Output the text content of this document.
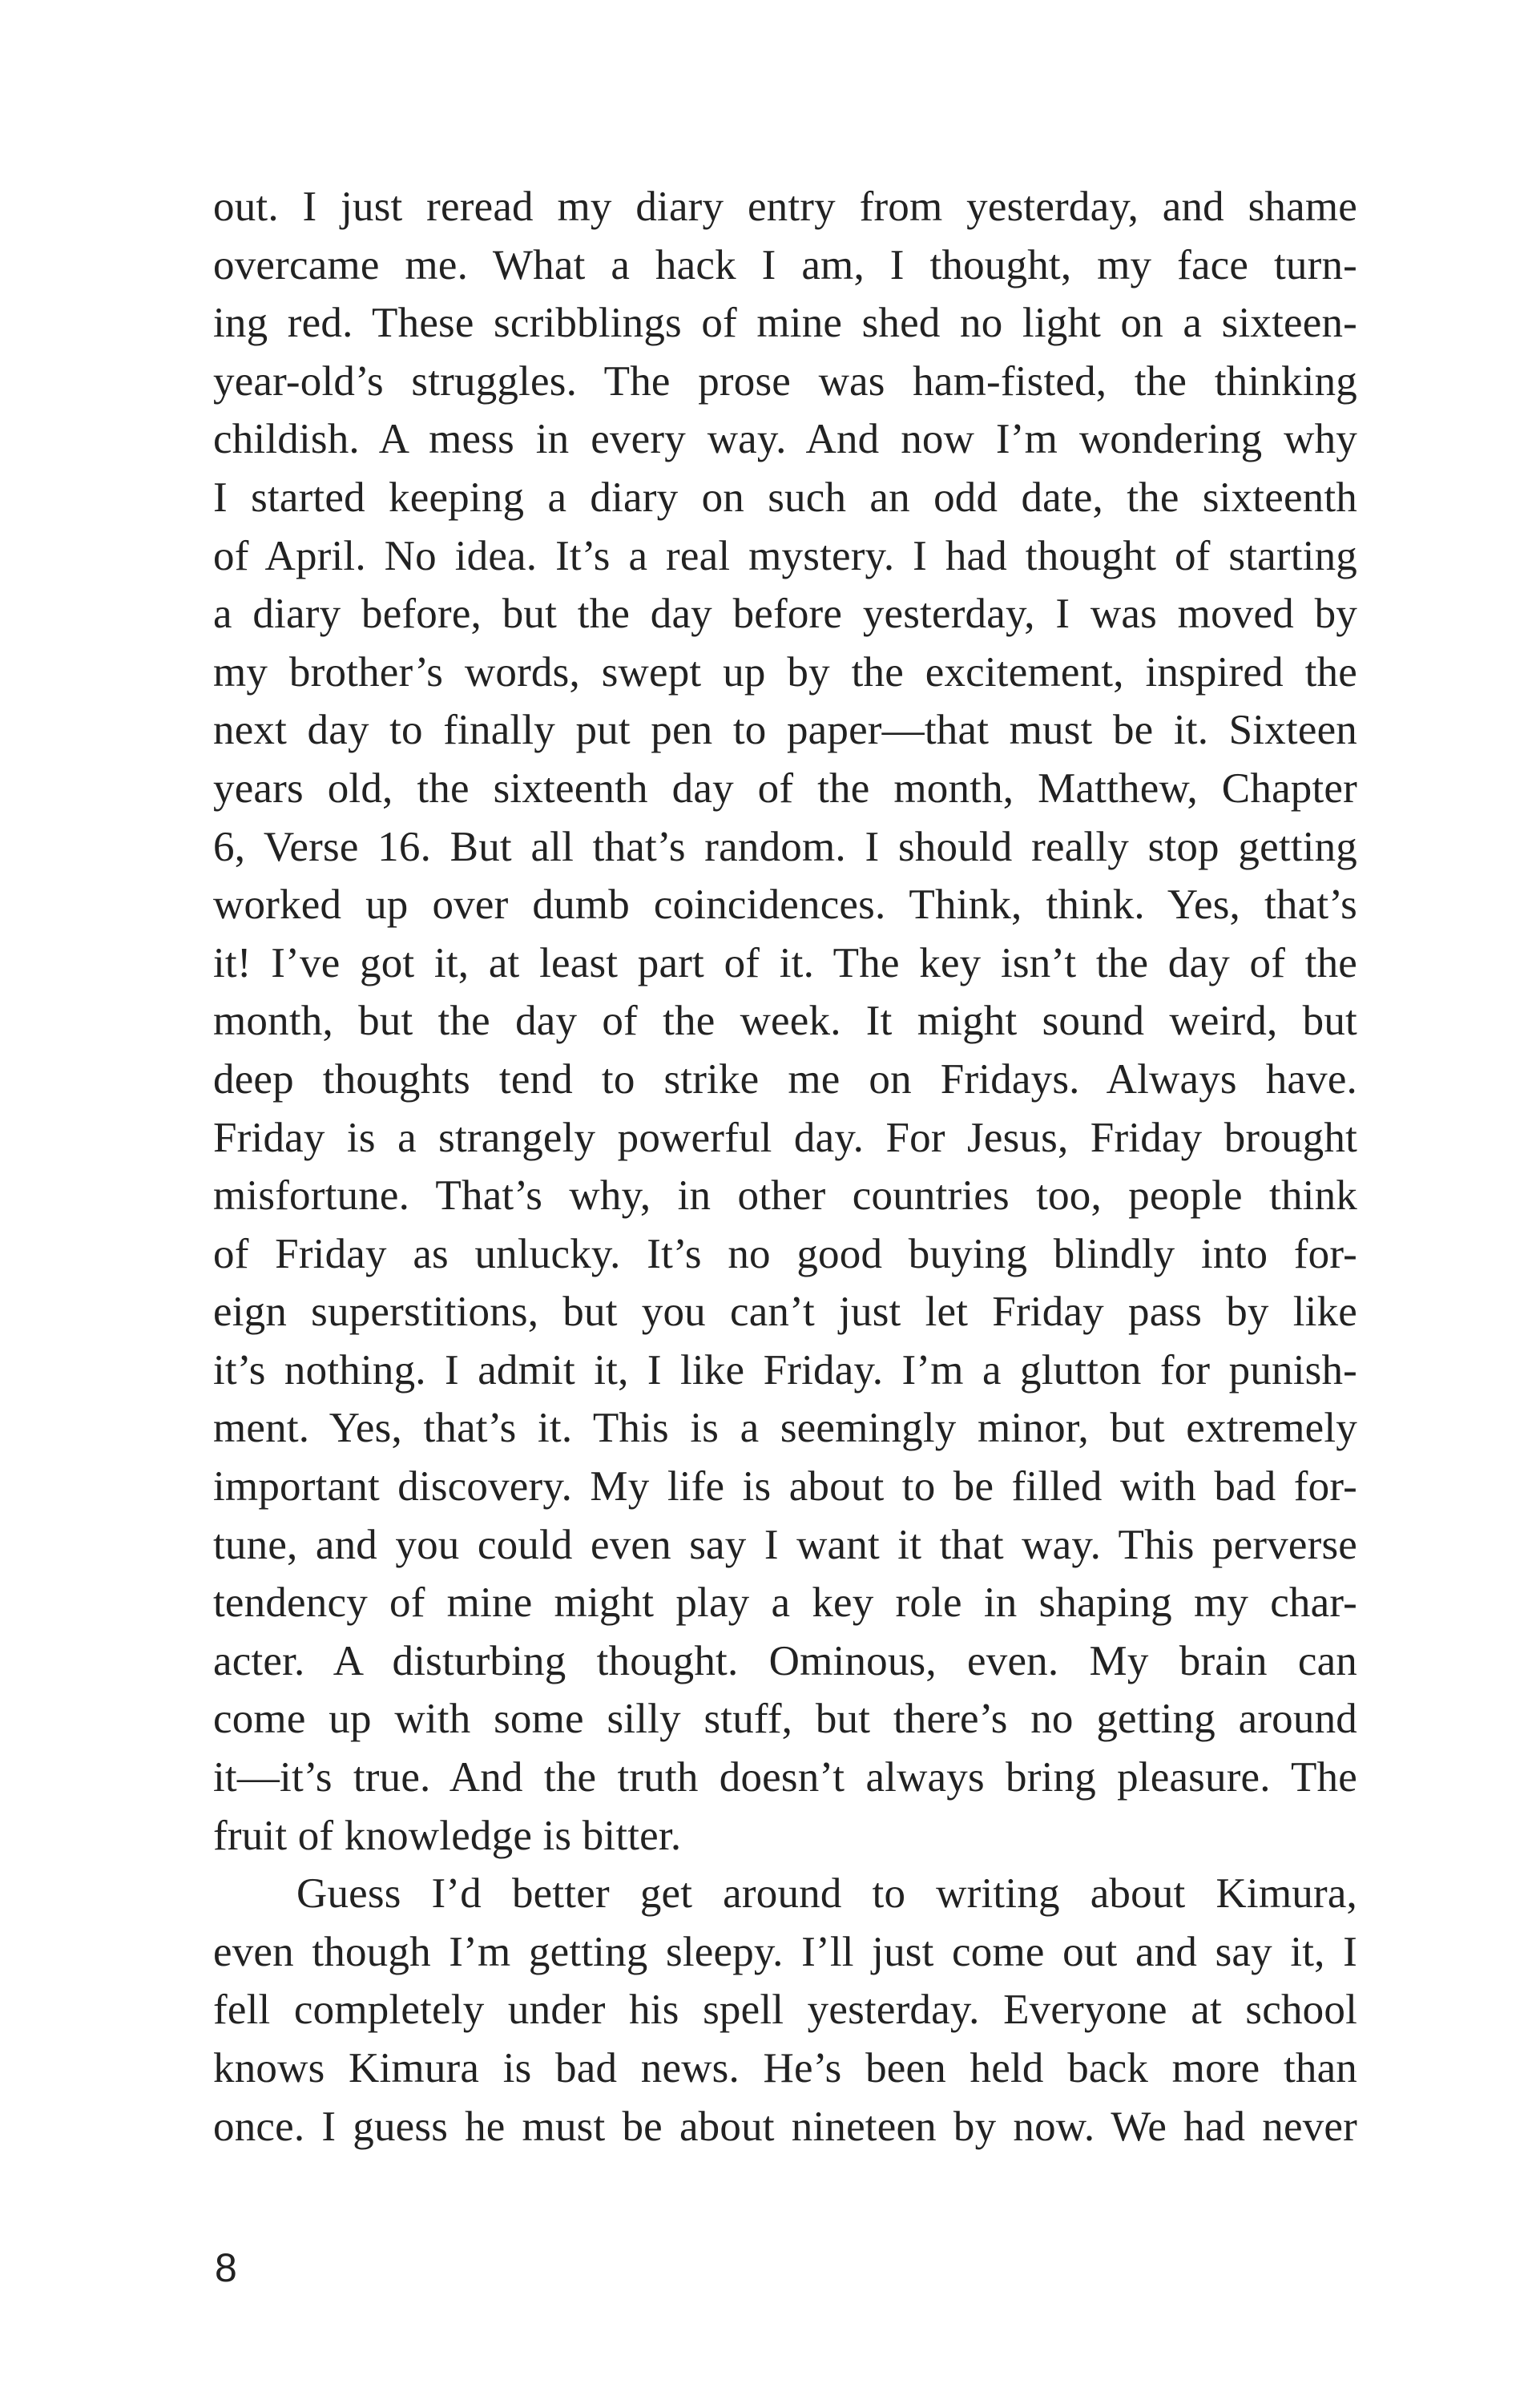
out. I just reread my diary entry from yesterday, and shame
overcame me. What a hack I am, I thought, my face turn-
ing red. These scribblings of mine shed no light on a sixteen-
year-old’s struggles. The prose was ham-fisted, the thinking
childish. A mess in every way. And now I’m wondering why
I started keeping a diary on such an odd date, the sixteenth
of April. No idea. It’s a real mystery. I had thought of starting
a diary before, but the day before yesterday, I was moved by
my brother’s words, swept up by the excitement, inspired the
next day to finally put pen to paper—that must be it. Sixteen
years old, the sixteenth day of the month, Matthew, Chapter
6, Verse 16. But all that’s random. I should really stop getting
worked up over dumb coincidences. Think, think. Yes, that’s
it! I’ve got it, at least part of it. The key isn’t the day of the
month, but the day of the week. It might sound weird, but
deep thoughts tend to strike me on Fridays. Always have.
Friday is a strangely powerful day. For Jesus, Friday brought
misfortune. That’s why, in other countries too, people think
of Friday as unlucky. It’s no good buying blindly into for-
eign superstitions, but you can’t just let Friday pass by like
it’s nothing. I admit it, I like Friday. I’m a glutton for punish-
ment. Yes, that’s it. This is a seemingly minor, but extremely
important discovery. My life is about to be filled with bad for-
tune, and you could even say I want it that way. This perverse
tendency of mine might play a key role in shaping my char-
acter. A disturbing thought. Ominous, even. My brain can
come up with some silly stuff, but there’s no getting around
it—it’s true. And the truth doesn’t always bring pleasure. The
fruit of knowledge is bitter.
Guess I’d better get around to writing about Kimura,
even though I’m getting sleepy. I’ll just come out and say it, I
fell completely under his spell yesterday. Everyone at school
knows Kimura is bad news. He’s been held back more than
once. I guess he must be about nineteen by now. We had never
8
